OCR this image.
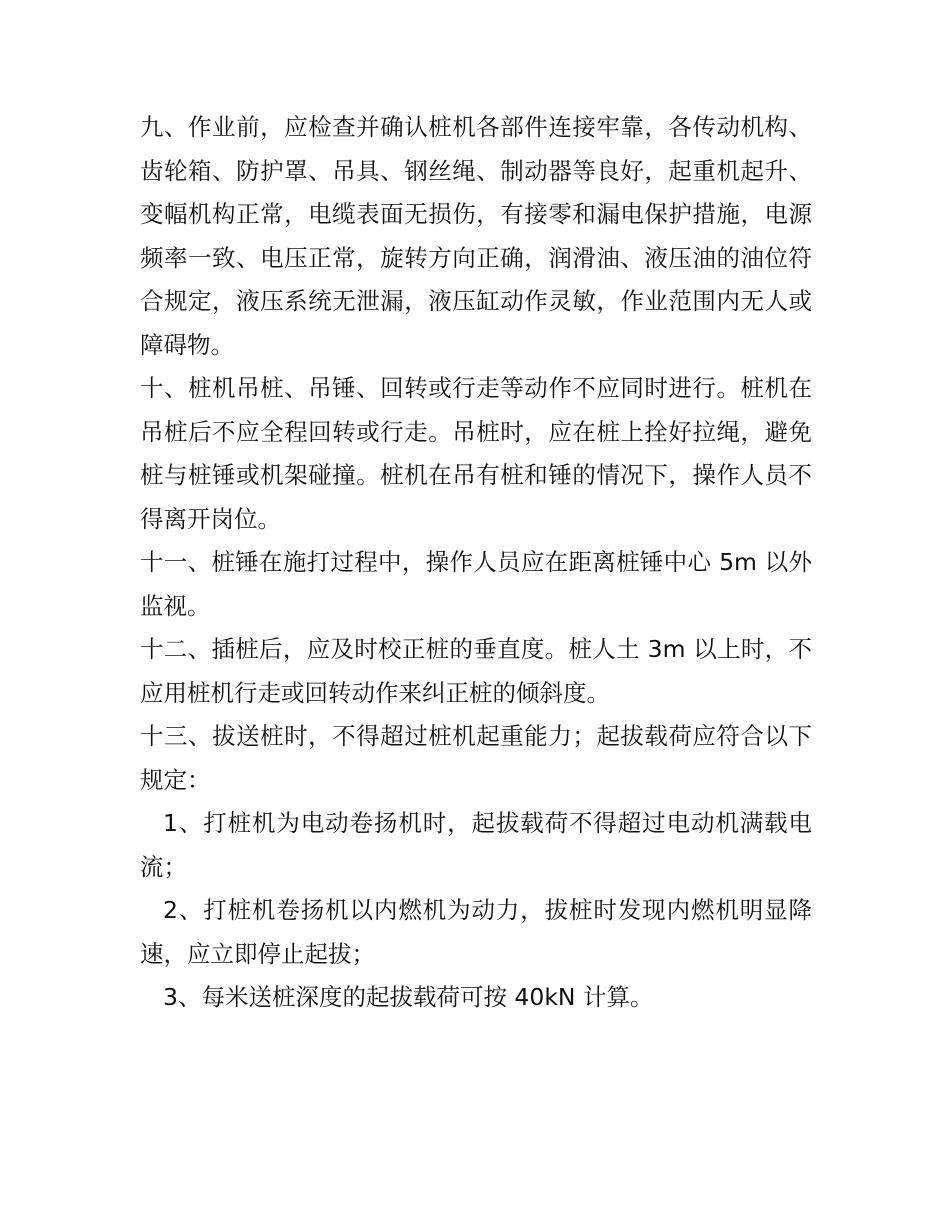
九、作业前，应检查并确认桩机各部件连接牢靠，各传动机构、齿轮箱、防护罩、吊具、钢丝绳、制动器等良好，起重机起升、变幅机构正常，电缆表面无损伤，有接零和漏电保护措施，电源频率一致、电压正常，旋转方向正确，润滑油、液压油的油位符合规定，液压系统无泄漏，液压缸动作灵敏，作业范围内无人或障碍物。

十、桩机吊桩、吊锤、回转或行走等动作不应同时进行。桩机在吊桩后不应全程回转或行走。吊桩时，应在桩上拴好拉绳，避免桩与桩锤或机架碰撞。桩机在吊有桩和锤的情况下，操作人员不得离开岗位。

十一、桩锤在施打过程中，操作人员应在距离桩锤中心 5m 以外监视。

十二、插桩后，应及时校正桩的垂直度。桩人土 3m 以上时，不应用桩机行走或回转动作来纠正桩的倾斜度。

十三、拔送桩时，不得超过桩机起重能力；起拔载荷应符合以下规定：

1、打桩机为电动卷扬机时，起拔载荷不得超过电动机满载电流；

2、打桩机卷扬机以内燃机为动力，拔桩时发现内燃机明显降速，应立即停止起拔；

3、每米送桩深度的起拔载荷可按 40kN 计算。
